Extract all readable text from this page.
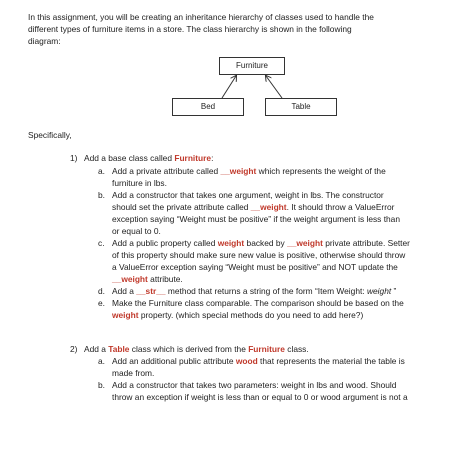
In this assignment, you will be creating an inheritance hierarchy of classes used to handle the
different types of furniture items in a store. The class hierarchy is shown in the following
diagram:
Furniture
Bed	Table
Specifically,
1) Add a base class called Furniture:
a. Add a private attribute called __weight which represents the weight of the
furniture in lbs.
b. Add a constructor that takes one argument, weight in lbs. The constructor
should set the private attribute called __weight. It should throw a ValueError
exception saying “Weight must be positive” if the weight argument is less than
or equal to 0.
c. Add a public property called weight backed by __weight private attribute. Setter
of this property should make sure new value is positive, otherwise should throw
a ValueError exception saying “Weight must be positive” and NOT update the
__weight attribute.
d. Add a __str__ method that returns a string of the form “Item Weight: weight ”
e. Make the Furniture class comparable. The comparison should be based on the
weight property. (which special methods do you need to add here?)
2) Add a Table class which is derived from the Furniture class.
a. Add an additional public attribute wood that represents the material the table is
made from.
b. Add a constructor that takes two parameters: weight in lbs and wood. Should
throw an exception if weight is less than or equal to 0 or wood argument is not a
